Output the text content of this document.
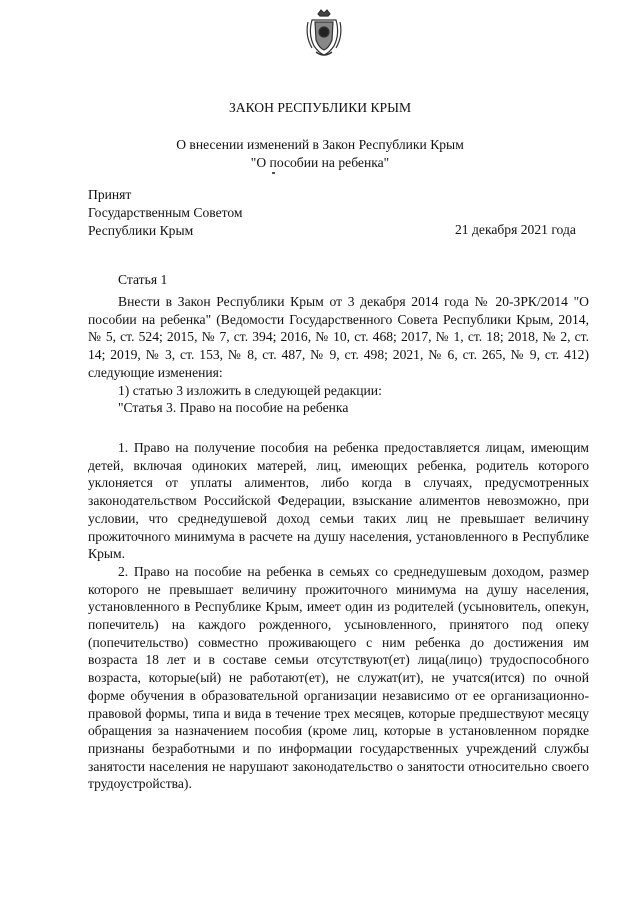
ЗАКОН РЕСПУБЛИКИ КРЫМ
О внесении изменений в Закон Республики Крым
"О пособии на ребенка"
Принят
Государственным Советом
Республики Крым	21 декабря 2021 года
Статья 1

Внести в Закон Республики Крым от 3 декабря 2014 года № 20-ЗРК/2014 "О пособии на ребенка" (Ведомости Государственного Совета Республики Крым, 2014, № 5, ст. 524; 2015, № 7, ст. 394; 2016, № 10, ст. 468; 2017, № 1, ст. 18; 2018, № 2, ст. 14; 2019, № 3, ст. 153, № 8, ст. 487, № 9, ст. 498; 2021, № 6, ст. 265, № 9, ст. 412) следующие изменения:

1) статью 3 изложить в следующей редакции:

"Статья 3. Право на пособие на ребенка

1. Право на получение пособия на ребенка предоставляется лицам, имеющим детей, включая одиноких матерей, лиц, имеющих ребенка, родитель которого уклоняется от уплаты алиментов, либо когда в случаях, предусмотренных законодательством Российской Федерации, взыскание алиментов невозможно, при условии, что среднедушевой доход семьи таких лиц не превышает величину прожиточного минимума в расчете на душу населения, установленного в Республике Крым.

2. Право на пособие на ребенка в семьях со среднедушевым доходом, размер которого не превышает величину прожиточного минимума на душу населения, установленного в Республике Крым, имеет один из родителей (усыновитель, опекун, попечитель) на каждого рожденного, усыновленного, принятого под опеку (попечительство) совместно проживающего с ним ребенка до достижения им возраста 18 лет и в составе семьи отсутствуют(ет) лица(лицо) трудоспособного возраста, которые(ый) не работают(ет), не служат(ит), не учатся(ится) по очной форме обучения в образовательной организации независимо от ее организационно-правовой формы, типа и вида в течение трех месяцев, которые предшествуют месяцу обращения за назначением пособия (кроме лиц, которые в установленном порядке признаны безработными и по информации государственных учреждений службы занятости населения не нарушают законодательство о занятости относительно своего трудоустройства).
